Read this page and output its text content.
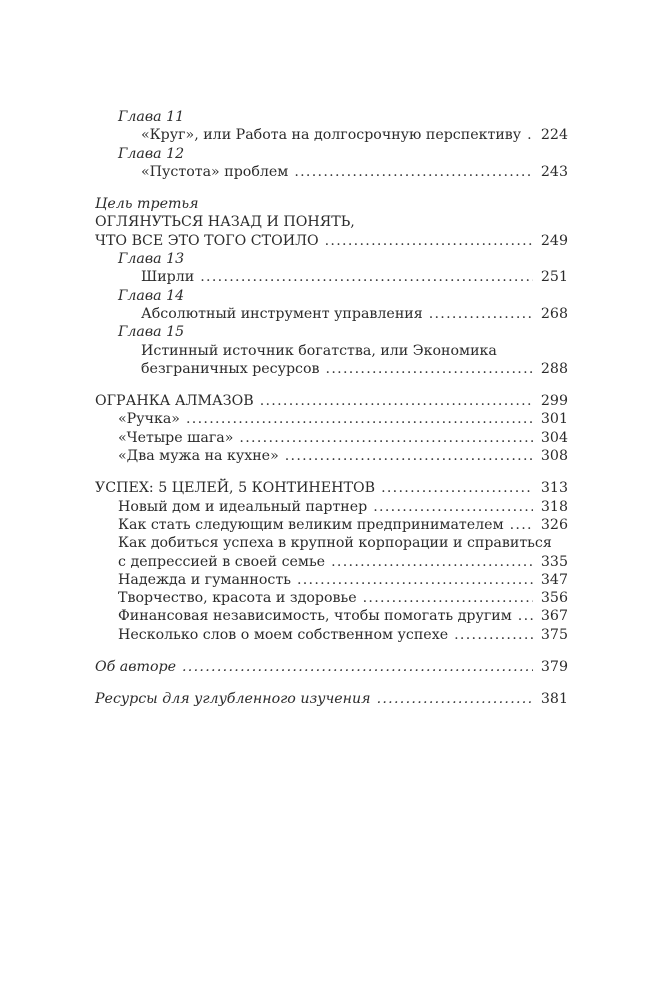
Глава 11
«Круг», или Работа на долгосрочную перспективу .....	224
Глава 12
«Пустота» проблем .....	243
Цель третья
ОГЛЯНУТЬСЯ НАЗАД И ПОНЯТЬ,
ЧТО ВСЕ ЭТО ТОГО СТОИЛО .....	249
Глава 13
Ширли .....	251
Глава 14
Абсолютный инструмент управления .....	268
Глава 15
Истинный источник богатства, или Экономика
безграничных ресурсов .....	288
ОГРАНКА АЛМАЗОВ .....	299
«Ручка» .....	301
«Четыре шага» .....	304
«Два мужа на кухне» .....	308
УСПЕХ: 5 ЦЕЛЕЙ, 5 КОНТИНЕНТОВ .....	313
Новый дом и идеальный партнер .....	318
Как стать следующим великим предпринимателем .....	326
Как добиться успеха в крупной корпорации и справиться
с депрессией в своей семье .....	335
Надежда и гуманность .....	347
Творчество, красота и здоровье .....	356
Финансовая независимость, чтобы помогать другим .....	367
Несколько слов о моем собственном успехе .....	375
Об авторе .....	379
Ресурсы для углубленного изучения .....	381
